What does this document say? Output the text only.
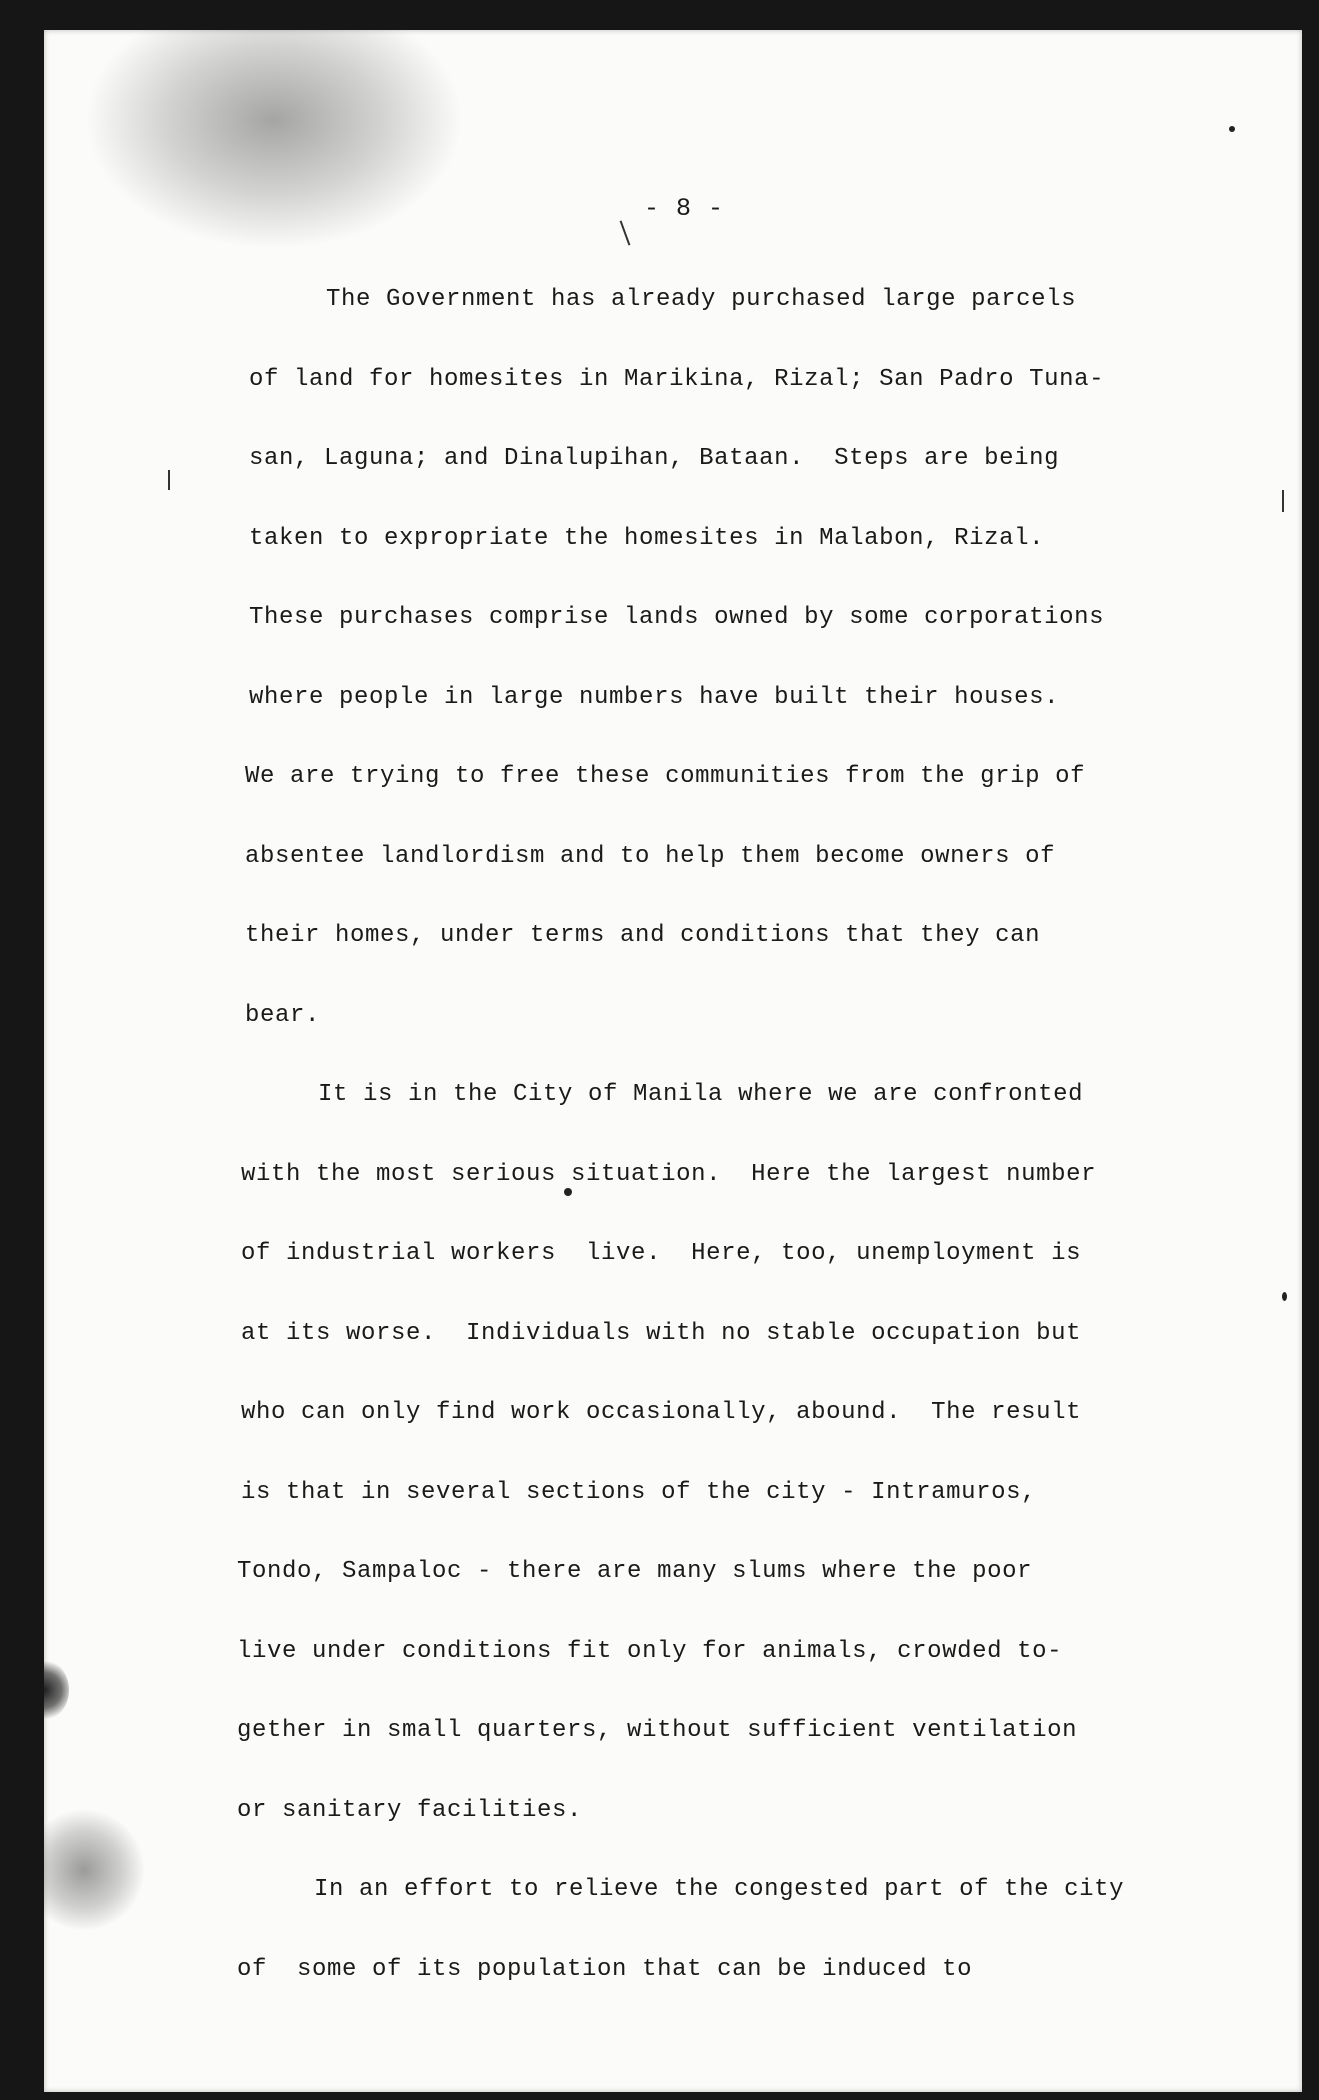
- 8 -
The Government has already purchased large parcels
of land for homesites in Marikina, Rizal; San Padro Tuna-
san, Laguna; and Dinalupihan, Bataan.  Steps are being
taken to expropriate the homesites in Malabon, Rizal.
These purchases comprise lands owned by some corporations
where people in large numbers have built their houses.
We are trying to free these communities from the grip of
absentee landlordism and to help them become owners of
their homes, under terms and conditions that they can
bear.
It is in the City of Manila where we are confronted
with the most serious situation.  Here the largest number
of industrial workers  live.  Here, too, unemployment is
at its worse.  Individuals with no stable occupation but
who can only find work occasionally, abound.  The result
is that in several sections of the city - Intramuros,
Tondo, Sampaloc - there are many slums where the poor
live under conditions fit only for animals, crowded to-
gether in small quarters, without sufficient ventilation
or sanitary facilities.
In an effort to relieve the congested part of the city
of  some of its population that can be induced to
